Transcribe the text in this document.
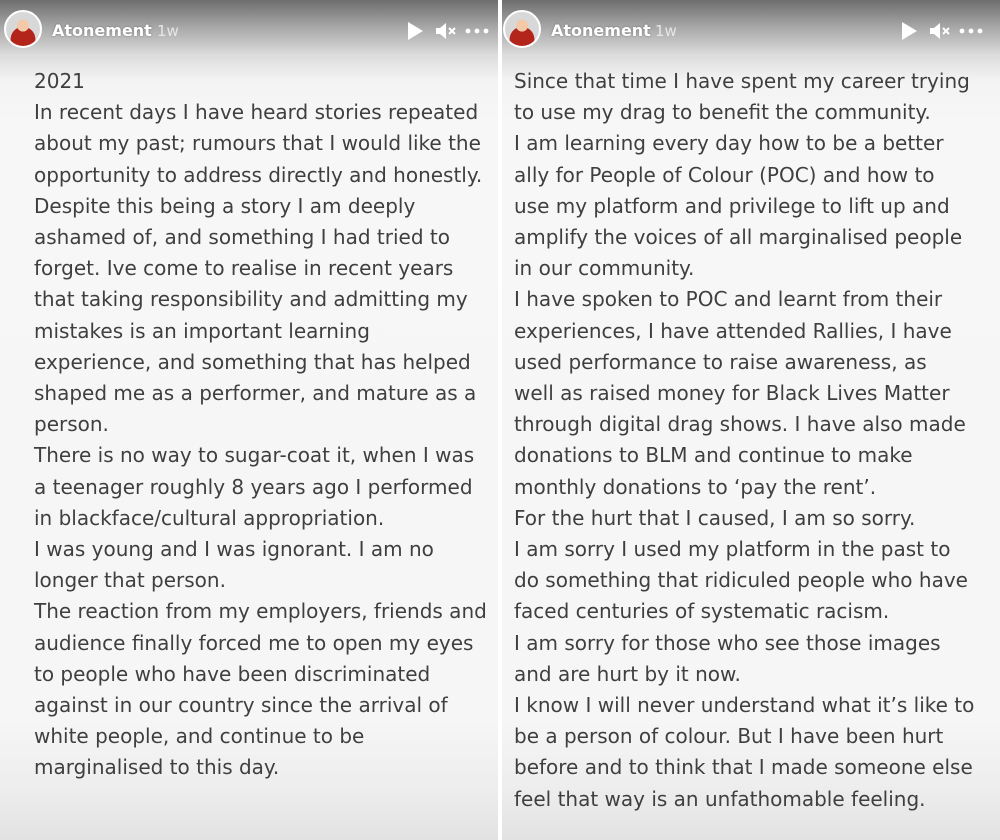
Atonement 1w

2021
In recent days I have heard stories repeated
about my past; rumours that I would like the
opportunity to address directly and honestly.
Despite this being a story I am deeply
ashamed of, and something I had tried to
forget. Ive come to realise in recent years
that taking responsibility and admitting my
mistakes is an important learning
experience, and something that has helped
shaped me as a performer, and mature as a
person.
There is no way to sugar-coat it, when I was
a teenager roughly 8 years ago I performed
in blackface/cultural appropriation.
I was young and I was ignorant. I am no
longer that person.
The reaction from my employers, friends and
audience finally forced me to open my eyes
to people who have been discriminated
against in our country since the arrival of
white people, and continue to be
marginalised to this day.

Atonement 1w

Since that time I have spent my career trying
to use my drag to benefit the community.
I am learning every day how to be a better
ally for People of Colour (POC) and how to
use my platform and privilege to lift up and
amplify the voices of all marginalised people
in our community.
I have spoken to POC and learnt from their
experiences, I have attended Rallies, I have
used performance to raise awareness, as
well as raised money for Black Lives Matter
through digital drag shows. I have also made
donations to BLM and continue to make
monthly donations to ‘pay the rent’.
For the hurt that I caused, I am so sorry.
I am sorry I used my platform in the past to
do something that ridiculed people who have
faced centuries of systematic racism.
I am sorry for those who see those images
and are hurt by it now.
I know I will never understand what it’s like to
be a person of colour. But I have been hurt
before and to think that I made someone else
feel that way is an unfathomable feeling.
